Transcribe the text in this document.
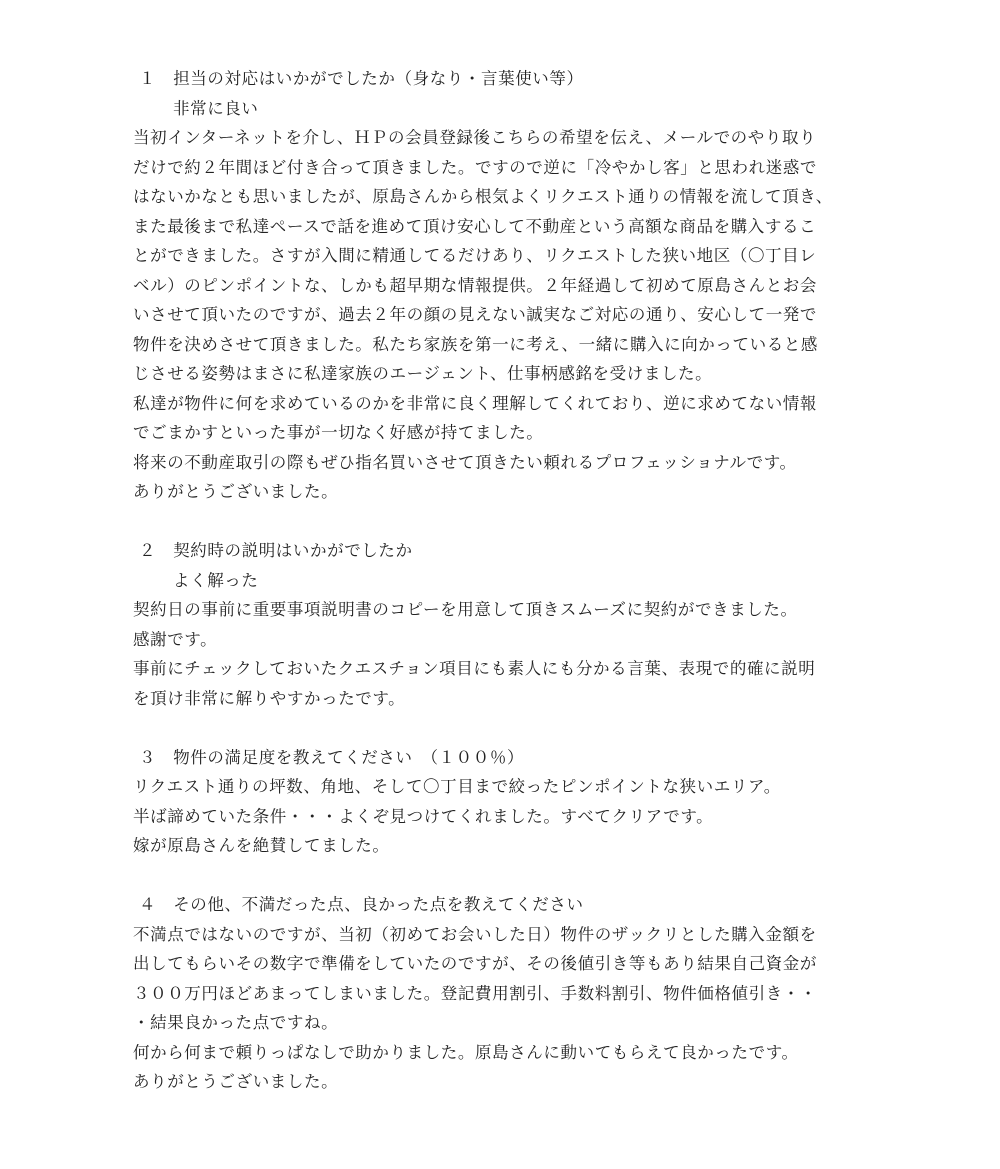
１　担当の対応はいかがでしたか（身なり・言葉使い等）
非常に良い
当初インターネットを介し、ＨＰの会員登録後こちらの希望を伝え、メールでのやり取り
だけで約２年間ほど付き合って頂きました。ですので逆に「冷やかし客」と思われ迷惑で
はないかなとも思いましたが、原島さんから根気よくリクエスト通りの情報を流して頂き、
また最後まで私達ペースで話を進めて頂け安心して不動産という高額な商品を購入するこ
とができました。さすが入間に精通してるだけあり、リクエストした狭い地区（〇丁目レ
ベル）のピンポイントな、しかも超早期な情報提供。２年経過して初めて原島さんとお会
いさせて頂いたのですが、過去２年の顔の見えない誠実なご対応の通り、安心して一発で
物件を決めさせて頂きました。私たち家族を第一に考え、一緒に購入に向かっていると感
じさせる姿勢はまさに私達家族のエージェント、仕事柄感銘を受けました。
私達が物件に何を求めているのかを非常に良く理解してくれており、逆に求めてない情報
でごまかすといった事が一切なく好感が持てました。
将来の不動産取引の際もぜひ指名買いさせて頂きたい頼れるプロフェッショナルです。
ありがとうございました。
２　契約時の説明はいかがでしたか
よく解った
契約日の事前に重要事項説明書のコピーを用意して頂きスムーズに契約ができました。
感謝です。
事前にチェックしておいたクエスチョン項目にも素人にも分かる言葉、表現で的確に説明
を頂け非常に解りやすかったです。
３　物件の満足度を教えてください　（１００％）
リクエスト通りの坪数、角地、そして〇丁目まで絞ったピンポイントな狭いエリア。
半ば諦めていた条件・・・よくぞ見つけてくれました。すべてクリアです。
嫁が原島さんを絶賛してました。
４　その他、不満だった点、良かった点を教えてください
不満点ではないのですが、当初（初めてお会いした日）物件のザックリとした購入金額を
出してもらいその数字で準備をしていたのですが、その後値引き等もあり結果自己資金が
３００万円ほどあまってしまいました。登記費用割引、手数料割引、物件価格値引き・・
・結果良かった点ですね。
何から何まで頼りっぱなしで助かりました。原島さんに動いてもらえて良かったです。
ありがとうございました。
